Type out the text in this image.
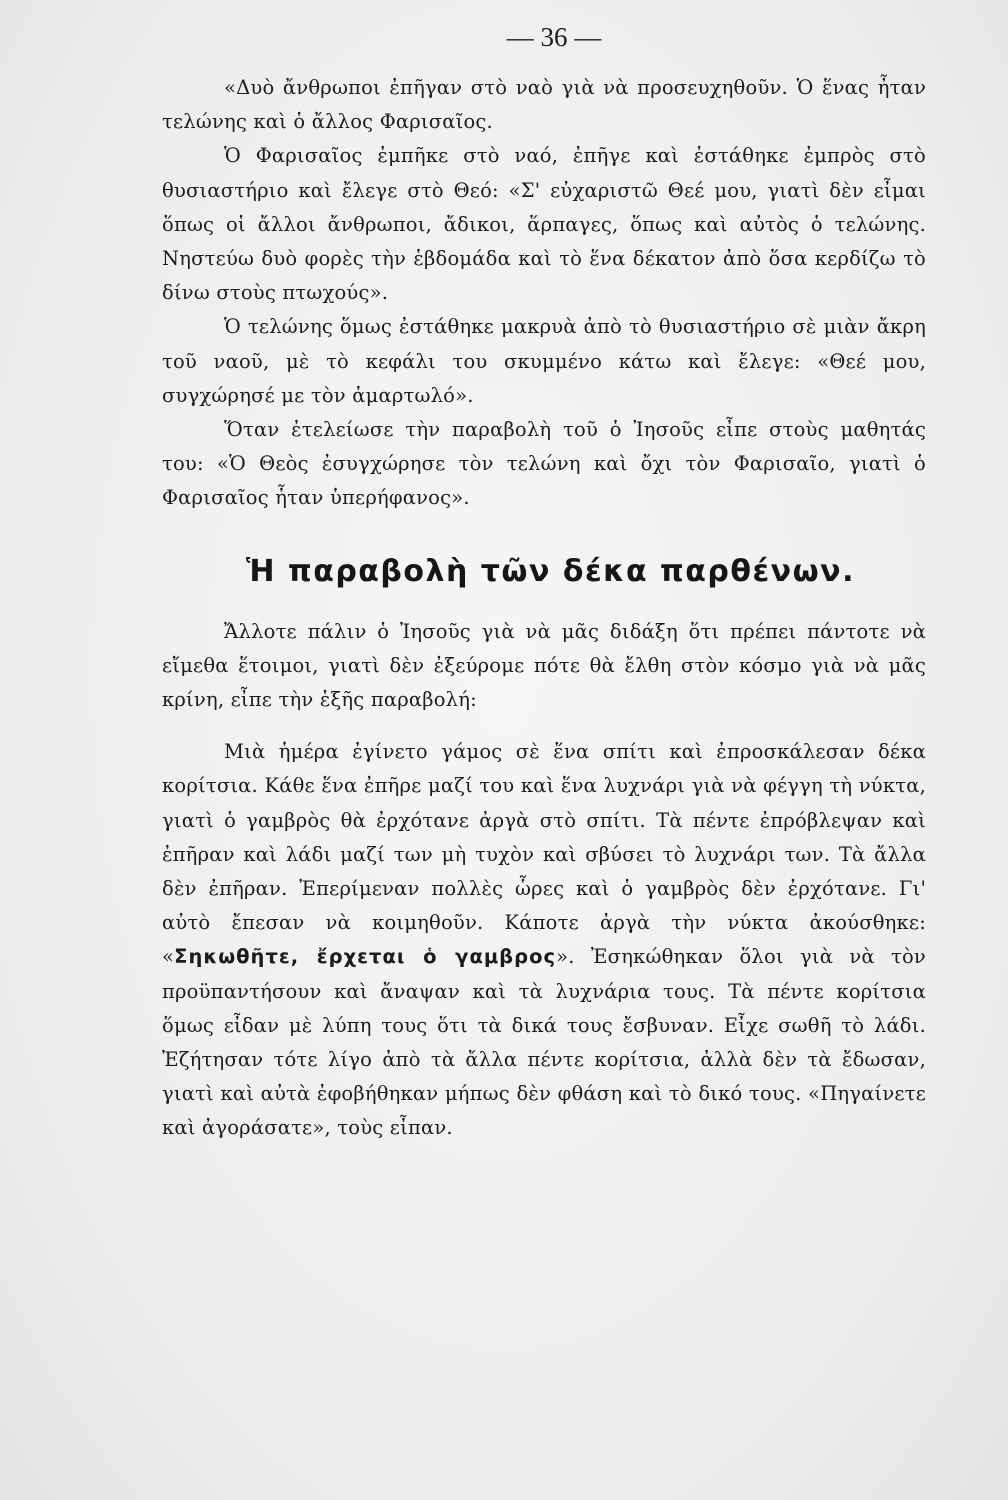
— 36 —

«Δυὸ ἄνθρωποι ἐπῆγαν στὸ ναὸ γιὰ νὰ προσευχηθοῦν. Ὁ ἕνας ἦταν τελώνης καὶ ὁ ἄλλος Φαρισαῖος.

Ὁ Φαρισαῖος ἐμπῆκε στὸ ναό, ἐπῆγε καὶ ἐστάθηκε ἐμπρὸς στὸ θυσιαστήριο καὶ ἔλεγε στὸ Θεό: «Σ' εὐχαριστῶ Θεέ μου, γιατὶ δὲν εἶμαι ὅπως οἱ ἄλλοι ἄνθρωποι, ἄδικοι, ἅρπαγες, ὅπως καὶ αὐτὸς ὁ τελώνης. Νηστεύω δυὸ φορὲς τὴν ἑβδομάδα καὶ τὸ ἕνα δέκατον ἀπὸ ὅσα κερδίζω τὸ δίνω στοὺς πτωχούς».

Ὁ τελώνης ὅμως ἐστάθηκε μακρυὰ ἀπὸ τὸ θυσιαστήριο σὲ μιὰν ἄκρη τοῦ ναοῦ, μὲ τὸ κεφάλι του σκυμμένο κάτω καὶ ἔλεγε: «Θεέ μου, συγχώρησέ με τὸν ἁμαρτωλό».

Ὅταν ἐτελείωσε τὴν παραβολὴ τοῦ ὁ Ἰησοῦς εἶπε στοὺς μαθητάς του: «Ὁ Θεὸς ἐσυγχώρησε τὸν τελώνη καὶ ὄχι τὸν Φαρισαῖο, γιατὶ ὁ Φαρισαῖος ἦταν ὑπερήφανος».

Ἡ παραβολὴ τῶν δέκα παρθένων.

Ἄλλοτε πάλιν ὁ Ἰησοῦς γιὰ νὰ μᾶς διδάξη ὅτι πρέπει πάντοτε νὰ εἴμεθα ἕτοιμοι, γιατὶ δὲν ἐξεύρομε πότε θὰ ἔλθη στὸν κόσμο γιὰ νὰ μᾶς κρίνη, εἶπε τὴν ἑξῆς παραβολή:

Μιὰ ἡμέρα ἐγίνετο γάμος σὲ ἕνα σπίτι καὶ ἐπροσκάλεσαν δέκα κορίτσια. Κάθε ἕνα ἐπῆρε μαζί του καὶ ἕνα λυχνάρι γιὰ νὰ φέγγη τὴ νύκτα, γιατὶ ὁ γαμβρὸς θὰ ἐρχότανε ἀργὰ στὸ σπίτι. Τὰ πέντε ἐπρόβλεψαν καὶ ἐπῆραν καὶ λάδι μαζί των μὴ τυχὸν καὶ σβύσει τὸ λυχνάρι των. Τὰ ἄλλα δὲν ἐπῆραν. Ἐπερίμεναν πολλὲς ὧρες καὶ ὁ γαμβρὸς δὲν ἐρχότανε. Γι' αὐτὸ ἔπεσαν νὰ κοιμηθοῦν. Κάποτε ἀργὰ τὴν νύκτα ἀκούσθηκε: «Σηκωθῆτε, ἔρχεται ὁ γαμβρος». Ἐσηκώθηκαν ὅλοι γιὰ νὰ τὸν προϋπαντήσουν καὶ ἄναψαν καὶ τὰ λυχνάρια τους. Τὰ πέντε κορίτσια ὅμως εἶδαν μὲ λύπη τους ὅτι τὰ δικά τους ἔσβυναν. Εἶχε σωθῆ τὸ λάδι. Ἐζήτησαν τότε λίγο ἀπὸ τὰ ἄλλα πέντε κορίτσια, ἀλλὰ δὲν τὰ ἔδωσαν, γιατὶ καὶ αὐτὰ ἐφοβήθηκαν μήπως δὲν φθάση καὶ τὸ δικό τους. «Πηγαίνετε καὶ ἀγοράσατε», τοὺς εἶπαν.
